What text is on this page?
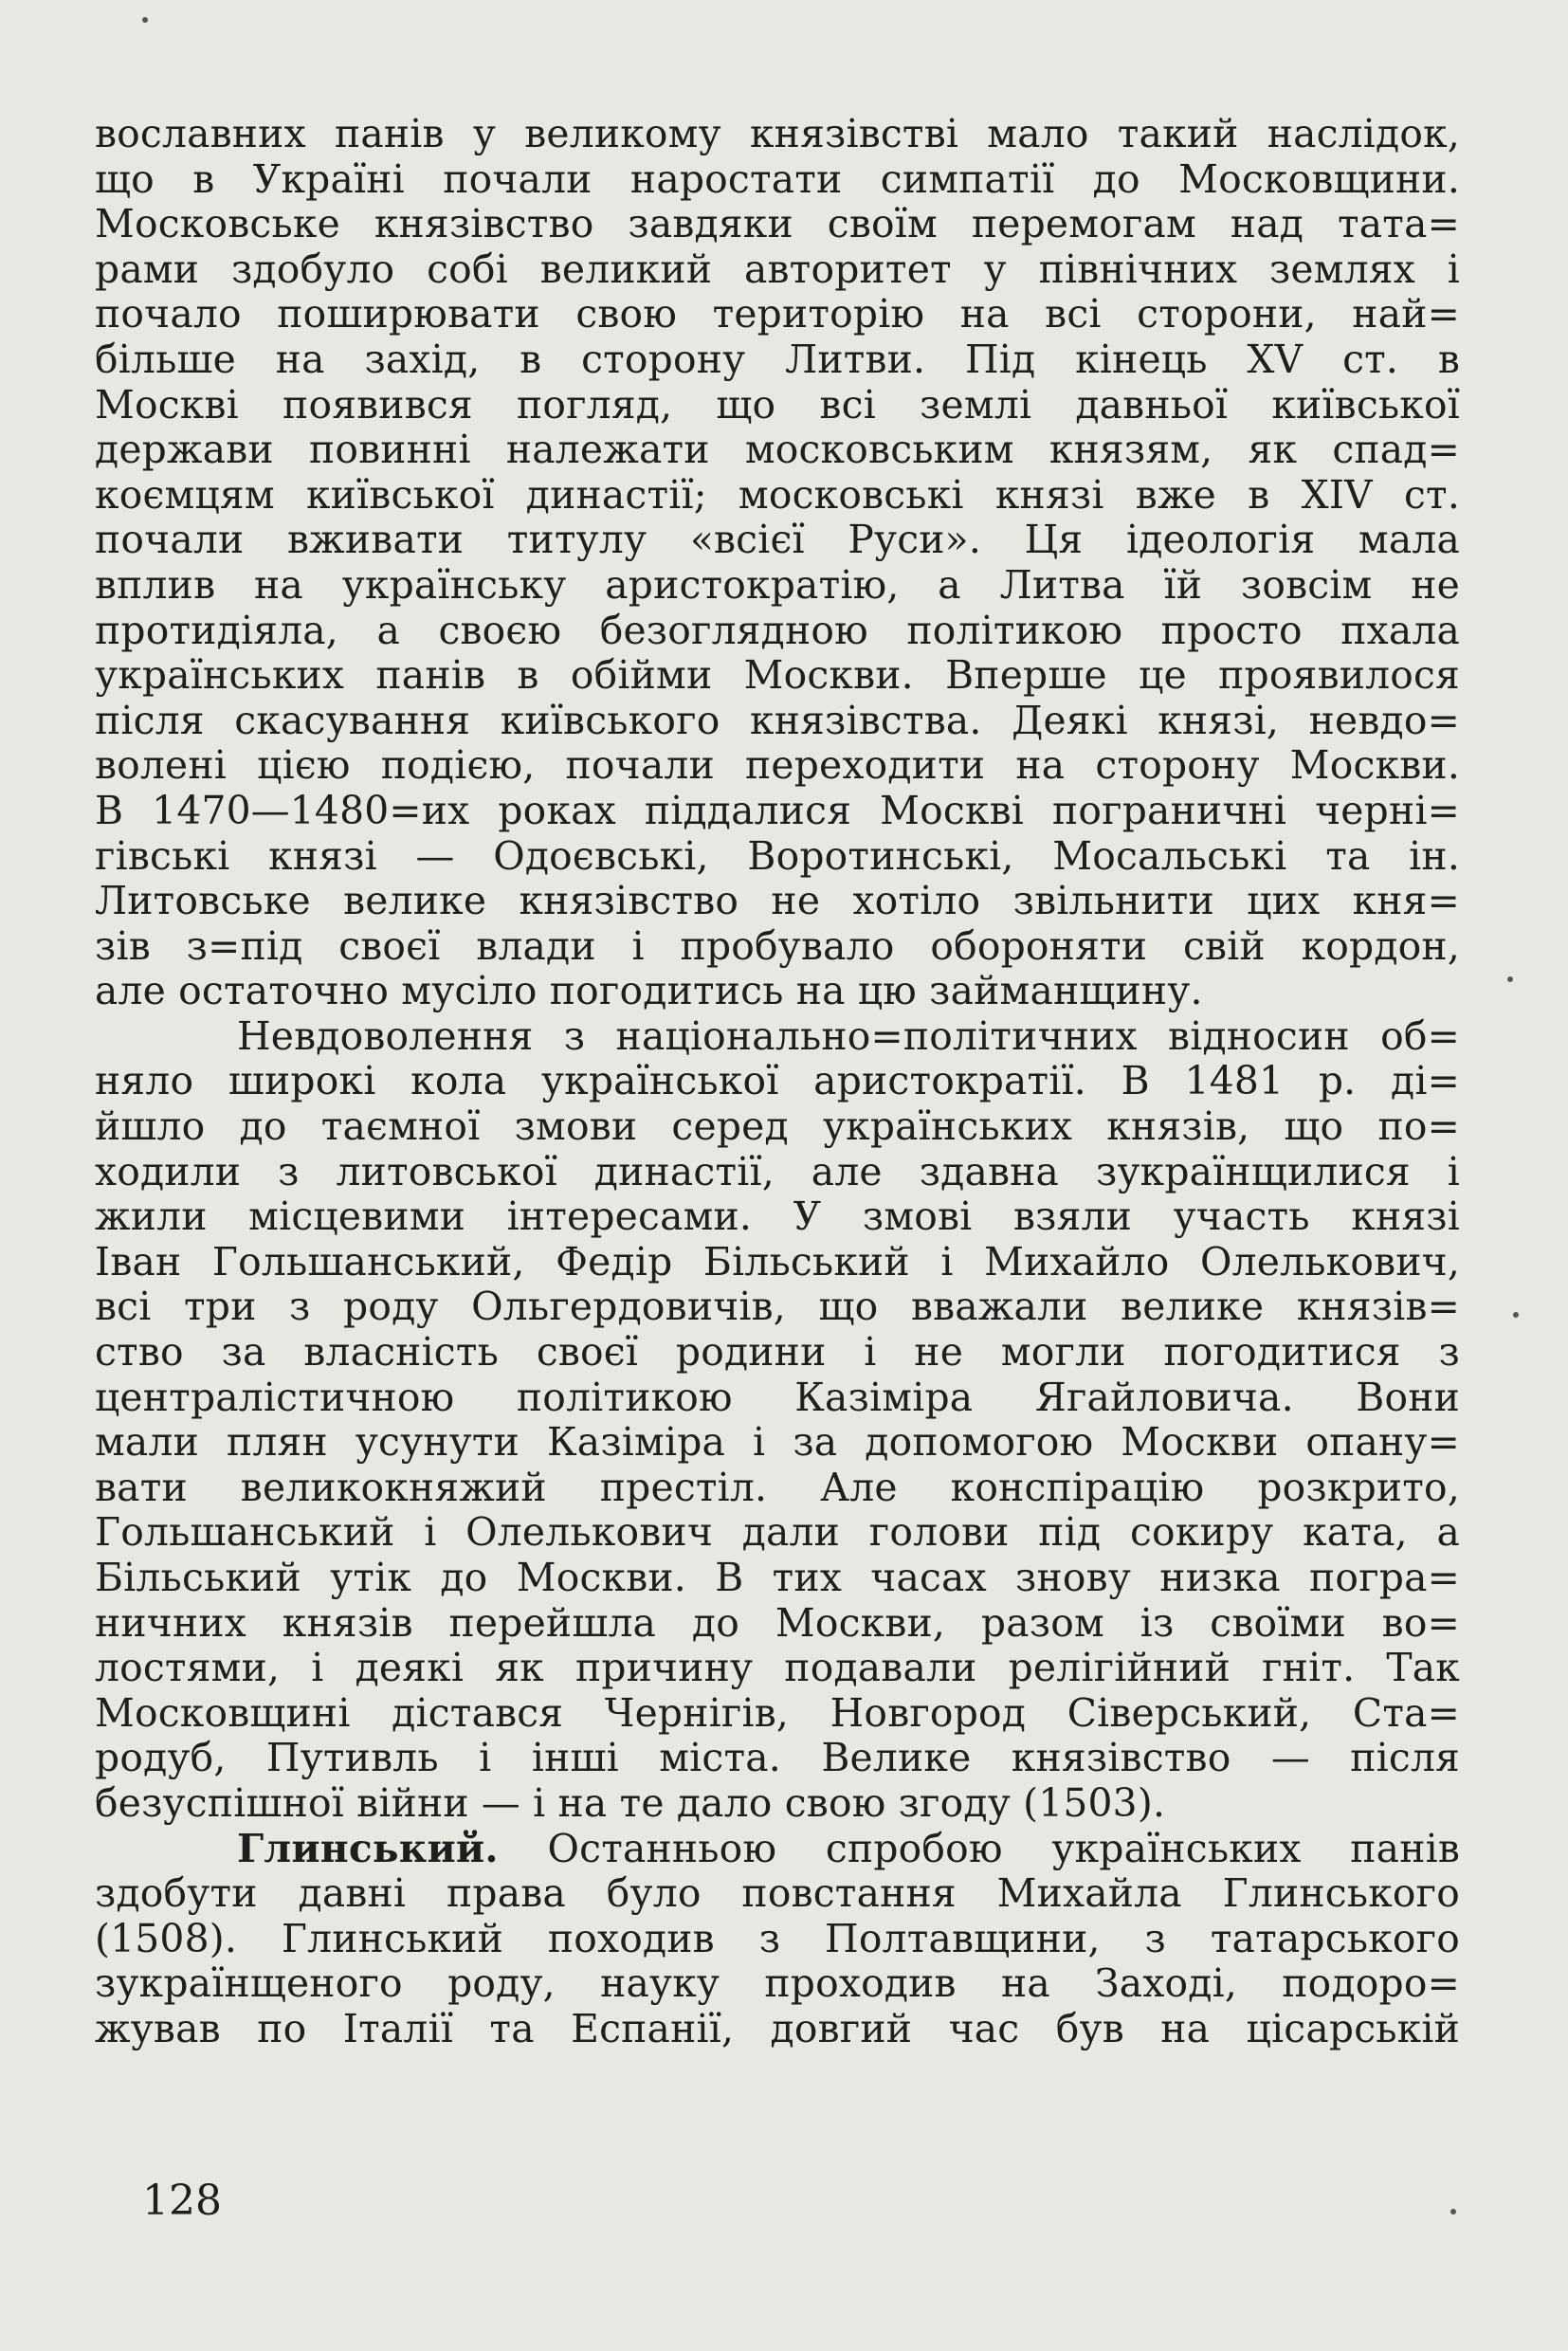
вославних панів у великому князівстві мало такий наслідок,
що в Україні почали наростати симпатії до Московщини.
Московське князівство завдяки своїм перемогам над тата=
рами здобуло собі великий авторитет у північних землях і
почало поширювати свою територію на всі сторони, най=
більше на захід, в сторону Литви. Під кінець XV ст. в
Москві появився погляд, що всі землі давньої київської
держави повинні належати московським князям, як спад=
коємцям київської династії; московські князі вже в XIV ст.
почали вживати титулу «всієї Руси». Ця ідеологія мала
вплив на українську аристократію, а Литва їй зовсім не
протидіяла, а своєю безоглядною політикою просто пхала
українських панів в обійми Москви. Вперше це проявилося
після скасування київського князівства. Деякі князі, невдо=
волені цією подією, почали переходити на сторону Москви.
В 1470—1480=их роках піддалися Москві пограничні черні=
гівські князі — Одоєвські, Воротинські, Мосальські та ін.
Литовське велике князівство не хотіло звільнити цих кня=
зів з=під своєї влади і пробувало обороняти свій кордон,
але остаточно мусіло погодитись на цю займанщину.
Невдоволення з національно=політичних відносин об=
няло широкі кола української аристократії. В 1481 р. ді=
йшло до таємної змови серед українських князів, що по=
ходили з литовської династії, але здавна зукраїнщилися і
жили місцевими інтересами. У змові взяли участь князі
Іван Гольшанський, Федір Більський і Михайло Олелькович,
всі три з роду Ольгердовичів, що вважали велике князів=
ство за власність своєї родини і не могли погодитися з
централістичною політикою Казіміра Ягайловича. Вони
мали плян усунути Казіміра і за допомогою Москви опану=
вати великокняжий престіл. Але конспірацію розкрито,
Гольшанський і Олелькович дали голови під сокиру ката, а
Більський утік до Москви. В тих часах знову низка погра=
ничних князів перейшла до Москви, разом із своїми во=
лостями, і деякі як причину подавали релігійний гніт. Так
Московщині дістався Чернігів, Новгород Сіверський, Ста=
родуб, Путивль і інші міста. Велике князівство — після
безуспішної війни — і на те дало свою згоду (1503).
Глинський. Останньою спробою українських панів
здобути давні права було повстання Михайла Глинського
(1508). Глинський походив з Полтавщини, з татарського
зукраїнщеного роду, науку проходив на Заході, подоро=
жував по Італії та Еспанії, довгий час був на цісарській
128
